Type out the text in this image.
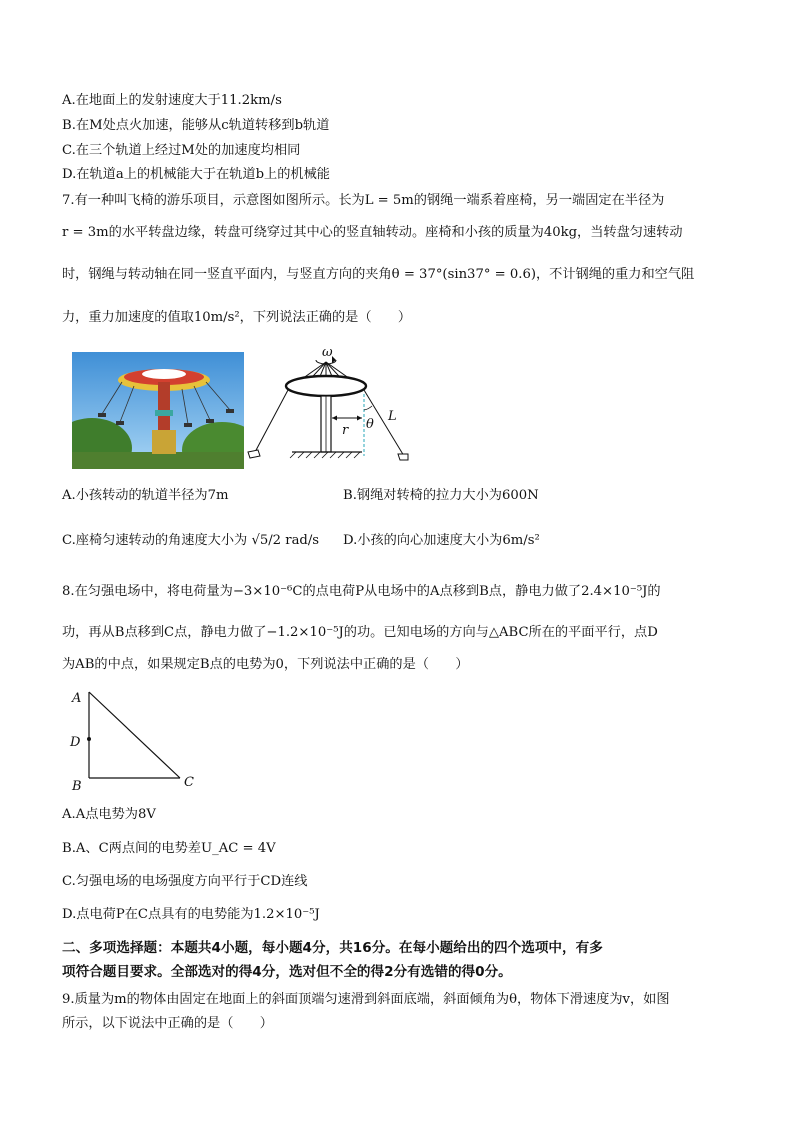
A.在地面上的发射速度大于11.2km/s
B.在M处点火加速，能够从c轨道转移到b轨道
C.在三个轨道上经过M处的加速度均相同
D.在轨道a上的机械能大于在轨道b上的机械能
7.有一种叫飞椅的游乐项目，示意图如图所示。长为L = 5m的钢绳一端系着座椅，另一端固定在半径为
r = 3m的水平转盘边缘，转盘可绕穿过其中心的竖直轴转动。座椅和小孩的质量为40kg，当转盘匀速转动
时，钢绳与转动轴在同一竖直平面内，与竖直方向的夹角θ = 37°(sin37° = 0.6)，不计钢绳的重力和空气阻
力，重力加速度的值取10m/s²，下列说法正确的是（　　）
ω
r θ
L
A.小孩转动的轨道半径为7m	B.钢绳对转椅的拉力大小为600N
C.座椅匀速转动的角速度大小为 √5/2 rad/s D.小孩的向心加速度大小为6m/s²
8.在匀强电场中，将电荷量为−3×10⁻⁶C的点电荷P从电场中的A点移到B点，静电力做了2.4×10⁻⁵J的
功，再从B点移到C点，静电力做了−1.2×10⁻⁵J的功。已知电场的方向与△ABC所在的平面平行，点D
为AB的中点，如果规定B点的电势为0，下列说法中正确的是（　　）
A
D
B	C
A.A点电势为8V
B.A、C两点间的电势差U_AC = 4V
C.匀强电场的电场强度方向平行于CD连线
D.点电荷P在C点具有的电势能为1.2×10⁻⁵J
二、多项选择题：本题共4小题，每小题4分，共16分。在每小题给出的四个选项中，有多
项符合题目要求。全部选对的得4分，选对但不全的得2分有选错的得0分。
9.质量为m的物体由固定在地面上的斜面顶端匀速滑到斜面底端，斜面倾角为θ，物体下滑速度为v，如图
所示，以下说法中正确的是（　　）
